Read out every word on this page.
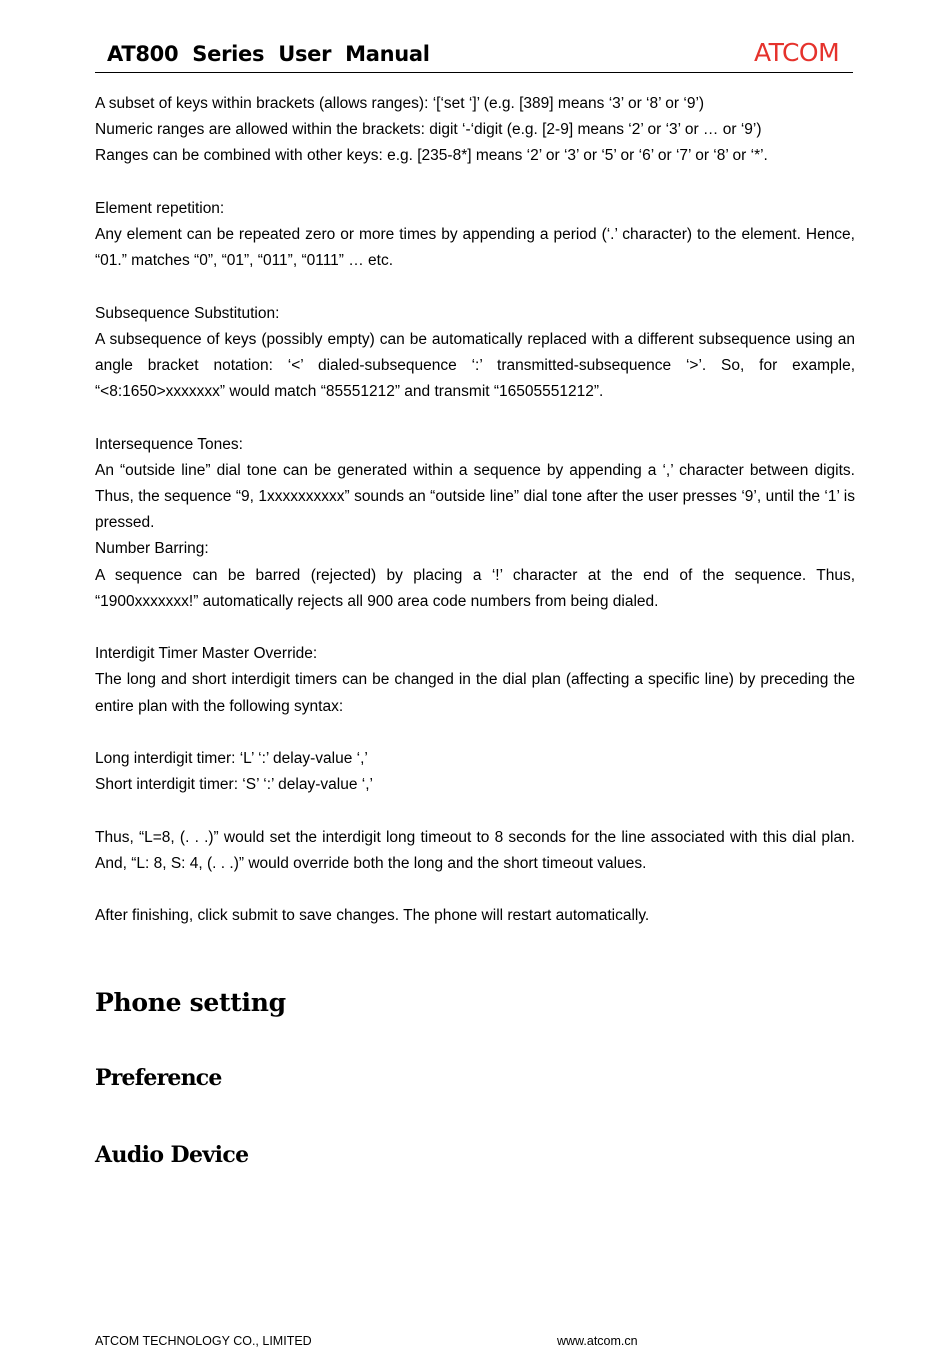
AT800  Series  User  Manual	ATCOM

A subset of keys within brackets (allows ranges): ‘[‘set ‘]’ (e.g. [389] means ‘3’ or ‘8’ or ‘9’)

Numeric ranges are allowed within the brackets: digit ‘-‘digit (e.g. [2-9] means ‘2’ or ‘3’ or … or ‘9’)

Ranges can be combined with other keys: e.g. [235-8*] means ‘2’ or ‘3’ or ‘5’ or ‘6’ or ‘7’ or ‘8’ or ‘*’.

Element repetition:

Any element can be repeated zero or more times by appending a period (‘.’ character) to the element. Hence, “01.” matches “0”, “01”, “011”, “0111” … etc.

Subsequence Substitution:

A subsequence of keys (possibly empty) can be automatically replaced with a different subsequence using an angle bracket notation: ‘<’ dialed-subsequence ‘:’ transmitted-subsequence ‘>’. So, for example, “<8:1650>xxxxxxx” would match “85551212” and transmit “16505551212”.

Intersequence Tones:

An “outside line” dial tone can be generated within a sequence by appending a ‘,’ character between digits. Thus, the sequence “9, 1xxxxxxxxxx” sounds an “outside line” dial tone after the user presses ‘9’, until the ‘1’ is pressed.

Number Barring:

A sequence can be barred (rejected) by placing a ‘!’ character at the end of the sequence. Thus, “1900xxxxxxx!” automatically rejects all 900 area code numbers from being dialed.

Interdigit Timer Master Override:

The long and short interdigit timers can be changed in the dial plan (affecting a specific line) by preceding the entire plan with the following syntax:

Long interdigit timer: ‘L’ ‘:’ delay-value ‘,’

Short interdigit timer: ‘S’ ‘:’ delay-value ‘,’

Thus, “L=8, (. . .)” would set the interdigit long timeout to 8 seconds for the line associated with this dial plan. And, “L: 8, S: 4, (. . .)” would override both the long and the short timeout values.

After finishing, click submit to save changes. The phone will restart automatically.

Phone setting
Preference
Audio Device
ATCOM TECHNOLOGY CO., LIMITED	www.atcom.cn
